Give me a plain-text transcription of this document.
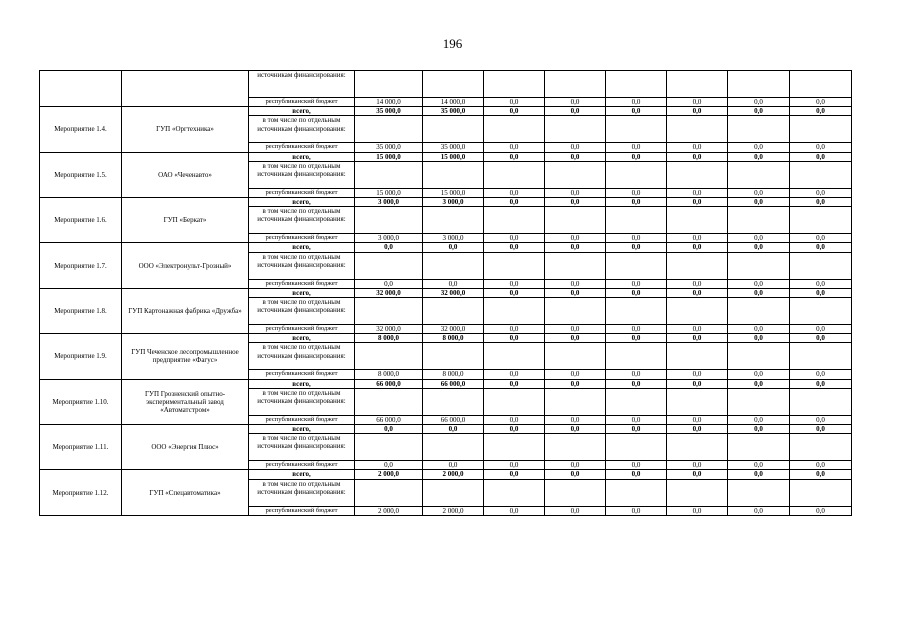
196
		источникам финансирования:								
		республиканский бюджет	14 000,0	14 000,0	0,0	0,0	0,0	0,0	0,0	0,0
Мероприятие 1.4.	ГУП «Оргтехника»	всего,	35 000,0	35 000,0	0,0	0,0	0,0	0,0	0,0	0,0
		в том числе по отдельным источникам финансирования:								
		республиканский бюджет	35 000,0	35 000,0	0,0	0,0	0,0	0,0	0,0	0,0
Мероприятие 1.5.	ОАО «Чеченавто»	всего,	15 000,0	15 000,0	0,0	0,0	0,0	0,0	0,0	0,0
		в том числе по отдельным источникам финансирования:								
		республиканский бюджет	15 000,0	15 000,0	0,0	0,0	0,0	0,0	0,0	0,0
Мероприятие 1.6.	ГУП «Беркат»	всего,	3 000,0	3 000,0	0,0	0,0	0,0	0,0	0,0	0,0
		в том числе по отдельным источникам финансирования:								
		республиканский бюджет	3 000,0	3 000,0	0,0	0,0	0,0	0,0	0,0	0,0
Мероприятие 1.7.	ООО «Электронульт-Грозный»	всего,	0,0	0,0	0,0	0,0	0,0	0,0	0,0	0,0
		в том числе по отдельным источникам финансирования:								
		республиканский бюджет	0,0	0,0	0,0	0,0	0,0	0,0	0,0	0,0
Мероприятие 1.8.	ГУП Картонажная фабрика «Дружба»	всего,	32 000,0	32 000,0	0,0	0,0	0,0	0,0	0,0	0,0
		в том числе по отдельным источникам финансирования:								
		республиканский бюджет	32 000,0	32 000,0	0,0	0,0	0,0	0,0	0,0	0,0
Мероприятие 1.9.	ГУП Чеченское лесопромышленное предприятие «Фагус»	всего,	8 000,0	8 000,0	0,0	0,0	0,0	0,0	0,0	0,0
		в том числе по отдельным источникам финансирования:								
		республиканский бюджет	8 000,0	8 000,0	0,0	0,0	0,0	0,0	0,0	0,0
Мероприятие 1.10.	ГУП Грозненский опытно-экспериментальный завод «Автоматстром»	всего,	66 000,0	66 000,0	0,0	0,0	0,0	0,0	0,0	0,0
		в том числе по отдельным источникам финансирования:								
		республиканский бюджет	66 000,0	66 000,0	0,0	0,0	0,0	0,0	0,0	0,0
Мероприятие 1.11.	ООО «Энергия Плюс»	всего,	0,0	0,0	0,0	0,0	0,0	0,0	0,0	0,0
		в том числе по отдельным источникам финансирования:								
		республиканский бюджет	0,0	0,0	0,0	0,0	0,0	0,0	0,0	0,0
Мероприятие 1.12.	ГУП «Спецавтоматика»	всего,	2 000,0	2 000,0	0,0	0,0	0,0	0,0	0,0	0,0
		в том числе по отдельным источникам финансирования:								
		республиканский бюджет	2 000,0	2 000,0	0,0	0,0	0,0	0,0	0,0	0,0
